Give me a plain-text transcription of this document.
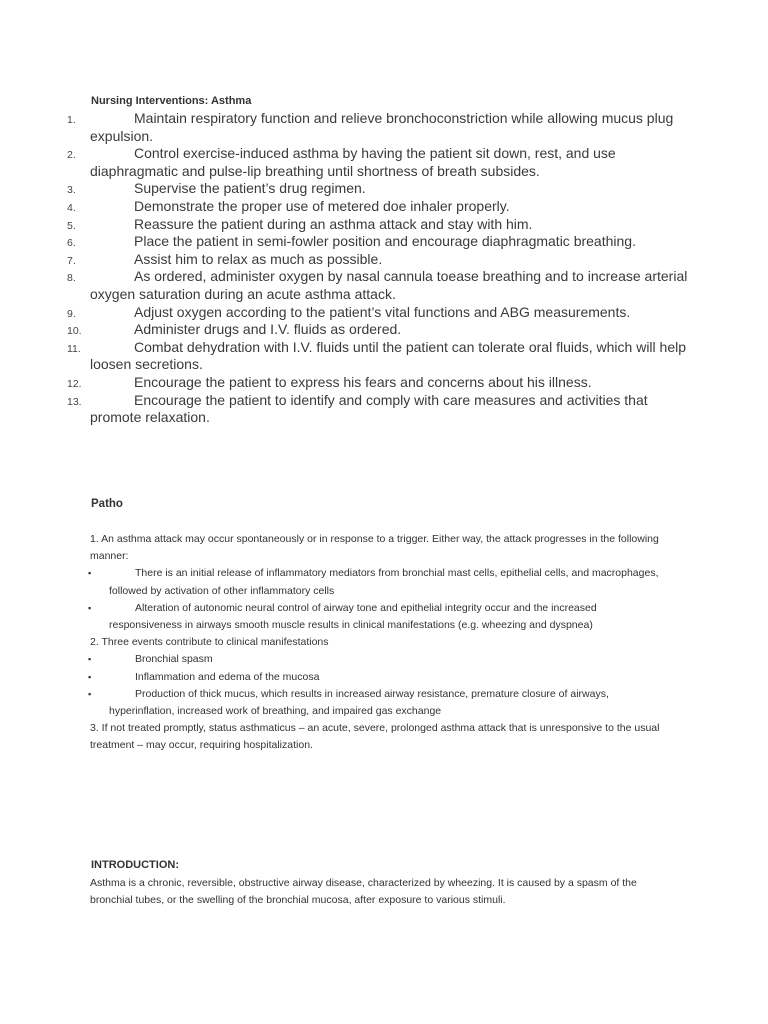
Nursing Interventions: Asthma
1.	Maintain respiratory function and relieve bronchoconstriction while allowing mucus plug expulsion.
2.	Control exercise-induced asthma by having the patient sit down, rest, and use diaphragmatic and pulse-lip breathing until shortness of breath subsides.
3.	Supervise the patient’s drug regimen.
4.	Demonstrate the proper use of metered doe inhaler properly.
5.	Reassure the patient during an asthma attack and stay with him.
6.	Place the patient in semi-fowler position and encourage diaphragmatic breathing.
7.	Assist him to relax as much as possible.
8.	As ordered, administer oxygen by nasal cannula toease breathing and to increase arterial oxygen saturation during an acute asthma attack.
9.	Adjust oxygen according to the patient’s vital functions and ABG measurements.
10.	Administer drugs and I.V. fluids as ordered.
11.	Combat dehydration with I.V. fluids until the patient can tolerate oral fluids, which will help loosen secretions.
12.	Encourage the patient to express his fears and concerns about his illness.
13.	Encourage the patient to identify and comply with care measures and activities that promote relaxation.
Patho
1. An asthma attack may occur spontaneously or in response to a trigger. Either way, the attack progresses in the following manner:
▪	There is an initial release of inflammatory mediators from bronchial mast cells, epithelial cells, and macrophages, followed by activation of other inflammatory cells
▪	Alteration of autonomic neural control of airway tone and epithelial integrity occur and the increased responsiveness in airways smooth muscle results in clinical manifestations (e.g. wheezing and dyspnea)
2. Three events contribute to clinical manifestations
▪	Bronchial spasm
▪	Inflammation and edema of the mucosa
▪	Production of thick mucus, which results in increased airway resistance, premature closure of airways, hyperinflation, increased work of breathing, and impaired gas exchange
3. If not treated promptly, status asthmaticus – an acute, severe, prolonged asthma attack that is unresponsive to the usual treatment – may occur, requiring hospitalization.
INTRODUCTION:
Asthma is a chronic, reversible, obstructive airway disease, characterized by wheezing. It is caused by a spasm of the bronchial tubes, or the swelling of the bronchial mucosa, after exposure to various stimuli.
